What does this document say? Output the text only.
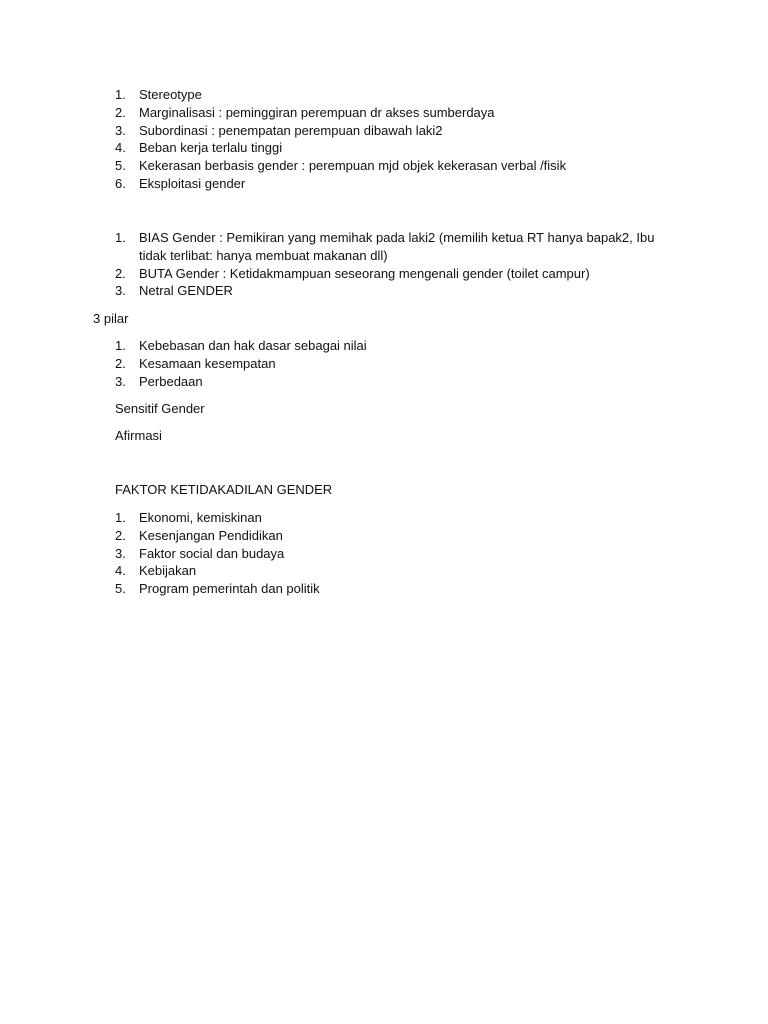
1. Stereotype
2. Marginalisasi : peminggiran perempuan dr akses sumberdaya
3. Subordinasi : penempatan perempuan dibawah laki2
4. Beban kerja terlalu tinggi
5. Kekerasan berbasis gender : perempuan mjd objek kekerasan verbal /fisik
6. Eksploitasi gender
1. BIAS Gender : Pemikiran yang memihak pada laki2 (memilih ketua RT hanya bapak2, Ibu tidak terlibat: hanya membuat makanan dll)
2. BUTA Gender : Ketidakmampuan seseorang mengenali gender (toilet campur)
3. Netral GENDER

3 pilar

1. Kebebasan dan hak dasar sebagai nilai
2. Kesamaan kesempatan
3. Perbedaan

Sensitif Gender

Afirmasi

FAKTOR KETIDAKADILAN GENDER

1. Ekonomi, kemiskinan
2. Kesenjangan Pendidikan
3. Faktor social dan budaya
4. Kebijakan
5. Program pemerintah dan politik
